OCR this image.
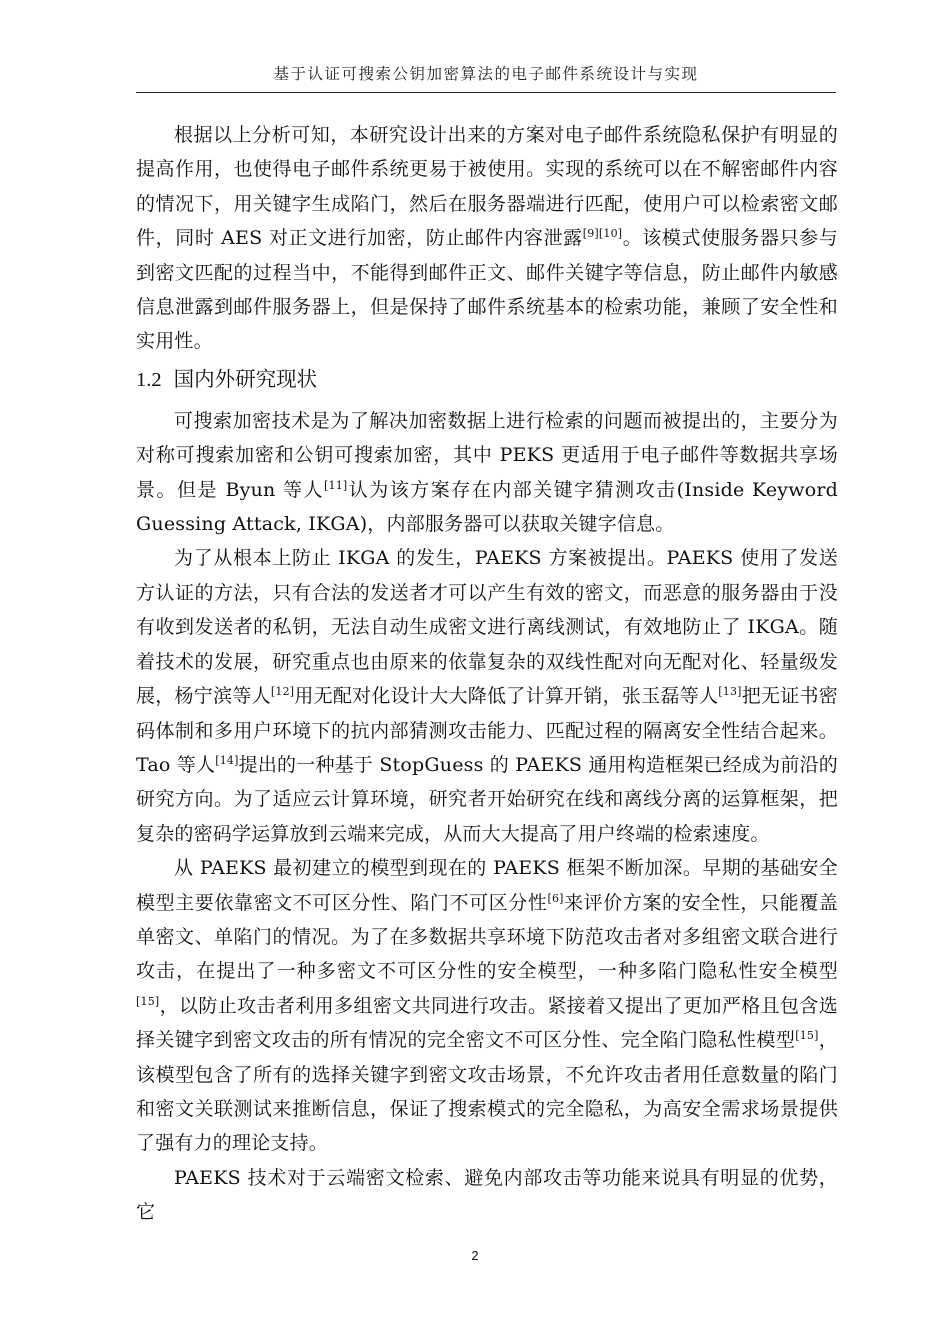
基于认证可搜索公钥加密算法的电子邮件系统设计与实现

根据以上分析可知，本研究设计出来的方案对电子邮件系统隐私保护有明显的提高作用，也使得电子邮件系统更易于被使用。实现的系统可以在不解密邮件内容的情况下，用关键字生成陷门，然后在服务器端进行匹配，使用户可以检索密文邮件，同时 AES 对正文进行加密，防止邮件内容泄露[9][10]。该模式使服务器只参与到密文匹配的过程当中，不能得到邮件正文、邮件关键字等信息，防止邮件内敏感信息泄露到邮件服务器上，但是保持了邮件系统基本的检索功能，兼顾了安全性和实用性。

1.2 国内外研究现状

可搜索加密技术是为了解决加密数据上进行检索的问题而被提出的，主要分为对称可搜索加密和公钥可搜索加密，其中 PEKS 更适用于电子邮件等数据共享场景。但是 Byun 等人[11]认为该方案存在内部关键字猜测攻击(Inside Keyword Guessing Attack, IKGA)，内部服务器可以获取关键字信息。

为了从根本上防止 IKGA 的发生，PAEKS 方案被提出。PAEKS 使用了发送方认证的方法，只有合法的发送者才可以产生有效的密文，而恶意的服务器由于没有收到发送者的私钥，无法自动生成密文进行离线测试，有效地防止了 IKGA。随着技术的发展，研究重点也由原来的依靠复杂的双线性配对向无配对化、轻量级发展，杨宁滨等人[12]用无配对化设计大大降低了计算开销，张玉磊等人[13]把无证书密码体制和多用户环境下的抗内部猜测攻击能力、匹配过程的隔离安全性结合起来。Tao 等人[14]提出的一种基于 StopGuess 的 PAEKS 通用构造框架已经成为前沿的研究方向。为了适应云计算环境，研究者开始研究在线和离线分离的运算框架，把复杂的密码学运算放到云端来完成，从而大大提高了用户终端的检索速度。

从 PAEKS 最初建立的模型到现在的 PAEKS 框架不断加深。早期的基础安全模型主要依靠密文不可区分性、陷门不可区分性[6]来评价方案的安全性，只能覆盖单密文、单陷门的情况。为了在多数据共享环境下防范攻击者对多组密文联合进行攻击，在提出了一种多密文不可区分性的安全模型，一种多陷门隐私性安全模型[15]，以防止攻击者利用多组密文共同进行攻击。紧接着又提出了更加严格且包含选择关键字到密文攻击的所有情况的完全密文不可区分性、完全陷门隐私性模型[15]，该模型包含了所有的选择关键字到密文攻击场景，不允许攻击者用任意数量的陷门和密文关联测试来推断信息，保证了搜索模式的完全隐私，为高安全需求场景提供了强有力的理论支持。

PAEKS 技术对于云端密文检索、避免内部攻击等功能来说具有明显的优势，它

2
